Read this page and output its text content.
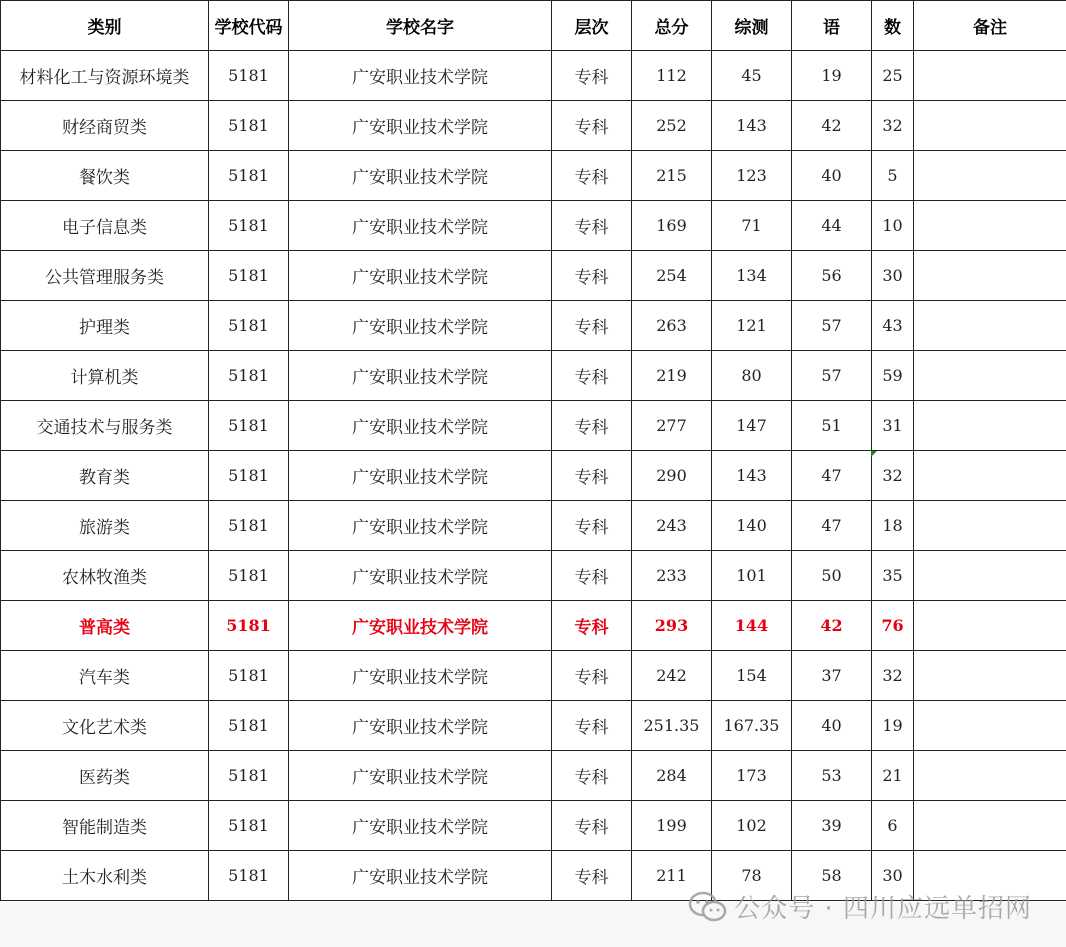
类别	学校代码	学校名字	层次	总分	综测	语	数	备注
材料化工与资源环境类	5181	广安职业技术学院	专科	112	45	19	25	
财经商贸类	5181	广安职业技术学院	专科	252	143	42	32	
餐饮类	5181	广安职业技术学院	专科	215	123	40	5	
电子信息类	5181	广安职业技术学院	专科	169	71	44	10	
公共管理服务类	5181	广安职业技术学院	专科	254	134	56	30	
护理类	5181	广安职业技术学院	专科	263	121	57	43	
计算机类	5181	广安职业技术学院	专科	219	80	57	59	
交通技术与服务类	5181	广安职业技术学院	专科	277	147	51	31	
教育类	5181	广安职业技术学院	专科	290	143	47	32	
旅游类	5181	广安职业技术学院	专科	243	140	47	18	
农林牧渔类	5181	广安职业技术学院	专科	233	101	50	35	
普高类	5181	广安职业技术学院	专科	293	144	42	76	
汽车类	5181	广安职业技术学院	专科	242	154	37	32	
文化艺术类	5181	广安职业技术学院	专科	251.35	167.35	40	19	
医药类	5181	广安职业技术学院	专科	284	173	53	21	
智能制造类	5181	广安职业技术学院	专科	199	102	39	6	
土木水利类	5181	广安职业技术学院	专科	211	78	58	30	
公众号 · 四川应远单招网
